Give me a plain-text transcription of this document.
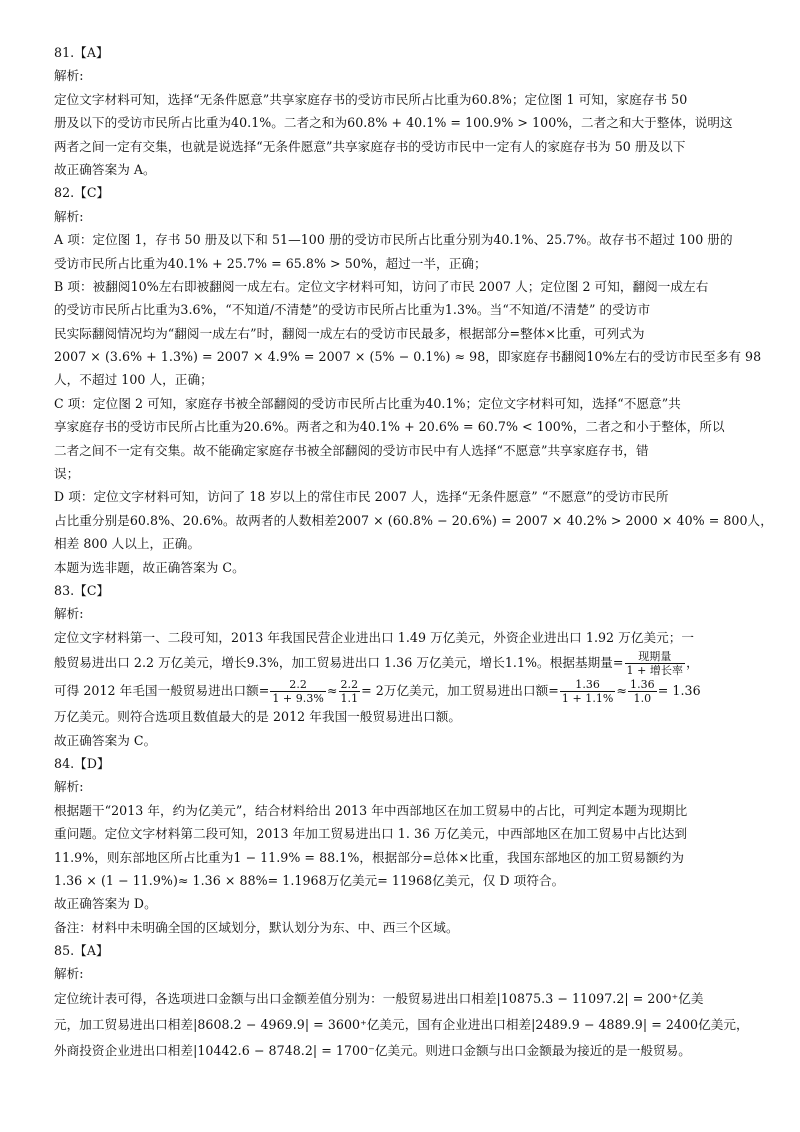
81.【A】
解析:
定位文字材料可知，选择“无条件愿意”共享家庭存书的受访市民所占比重为60.8%；定位图 1 可知，家庭存书 50
册及以下的受访市民所占比重为40.1%。二者之和为60.8% + 40.1% = 100.9% > 100%，二者之和大于整体，说明这
两者之间一定有交集，也就是说选择“无条件愿意”共享家庭存书的受访市民中一定有人的家庭存书为 50 册及以下
故正确答案为 A。
82.【C】
解析:
A 项：定位图 1，存书 50 册及以下和 51—100 册的受访市民所占比重分别为40.1%、25.7%。故存书不超过 100 册的
受访市民所占比重为40.1% + 25.7% = 65.8% > 50%，超过一半，正确；
B 项：被翻阅10%左右即被翻阅一成左右。定位文字材料可知，访问了市民 2007 人；定位图 2 可知，翻阅一成左右
的受访市民所占比重为3.6%，“不知道/不清楚”的受访市民所占比重为1.3%。当“不知道/不清楚” 的受访市
民实际翻阅情况均为“翻阅一成左右”时，翻阅一成左右的受访市民最多，根据部分=整体×比重，可列式为
2007 × (3.6% + 1.3%) = 2007 × 4.9% = 2007 × (5% − 0.1%) ≈ 98，即家庭存书翻阅10%左右的受访市民至多有 98
人，不超过 100 人，正确；
C 项：定位图 2 可知，家庭存书被全部翻阅的受访市民所占比重为40.1%；定位文字材料可知，选择“不愿意”共
享家庭存书的受访市民所占比重为20.6%。两者之和为40.1% + 20.6% = 60.7% < 100%，二者之和小于整体，所以
二者之间不一定有交集。故不能确定家庭存书被全部翻阅的受访市民中有人选择“不愿意”共享家庭存书，错
误；
D 项：定位文字材料可知，访问了 18 岁以上的常住市民 2007 人，选择“无条件愿意” “不愿意”的受访市民所
占比重分别是60.8%、20.6%。故两者的人数相差2007 × (60.8% − 20.6%) = 2007 × 40.2% > 2000 × 40% = 800人，
相差 800 人以上，正确。
本题为选非题，故正确答案为 C。
83.【C】
解析:
定位文字材料第一、二段可知，2013 年我国民营企业进出口 1.49 万亿美元，外资企业进出口 1.92 万亿美元；一
般贸易进出口 2.2 万亿美元，增长9.3%，加工贸易进出口 1.36 万亿美元，增长1.1%。根据基期量= $\frac{\text{现期量}}{\text{1 + 增长率}}$ ，
可得 2012 年毛国一般贸易进出口额= $\frac{2.2}{1 + 9.3\%} \approx \frac{2.2}{1.1} = 2$万亿美元，加工贸易进出口额= $\frac{1.36}{1 + 1.1\%} \approx \frac{1.36}{1.0} = 1.36$
万亿美元。则符合选项且数值最大的是 2012 年我国一般贸易进出口额。
故正确答案为 C。
84.【D】
解析:
根据题干“2013 年，约为亿美元”，结合材料给出 2013 年中西部地区在加工贸易中的占比，可判定本题为现期比
重问题。定位文字材料第二段可知，2013 年加工贸易进出口 1. 36 万亿美元，中西部地区在加工贸易中占比达到
11.9%，则东部地区所占比重为1 − 11.9% = 88.1%，根据部分=总体×比重，我国东部地区的加工贸易额约为
1.36 × (1 − 11.9%)≈ 1.36 × 88%= 1.1968万亿美元= 11968亿美元，仅 D 项符合。
故正确答案为 D。
备注：材料中未明确全国的区域划分，默认划分为东、中、西三个区域。
85.【A】
解析:
定位统计表可得，各选项进口金额与出口金额差值分别为：一般贸易进出口相差|10875.3 − 11097.2| = 200⁺亿美
元，加工贸易进出口相差|8608.2 − 4969.9| = 3600⁺亿美元，国有企业进出口相差|2489.9 − 4889.9| = 2400亿美元，
外商投资企业进出口相差|10442.6 − 8748.2| = 1700⁻亿美元。则进口金额与出口金额最为接近的是一般贸易。
